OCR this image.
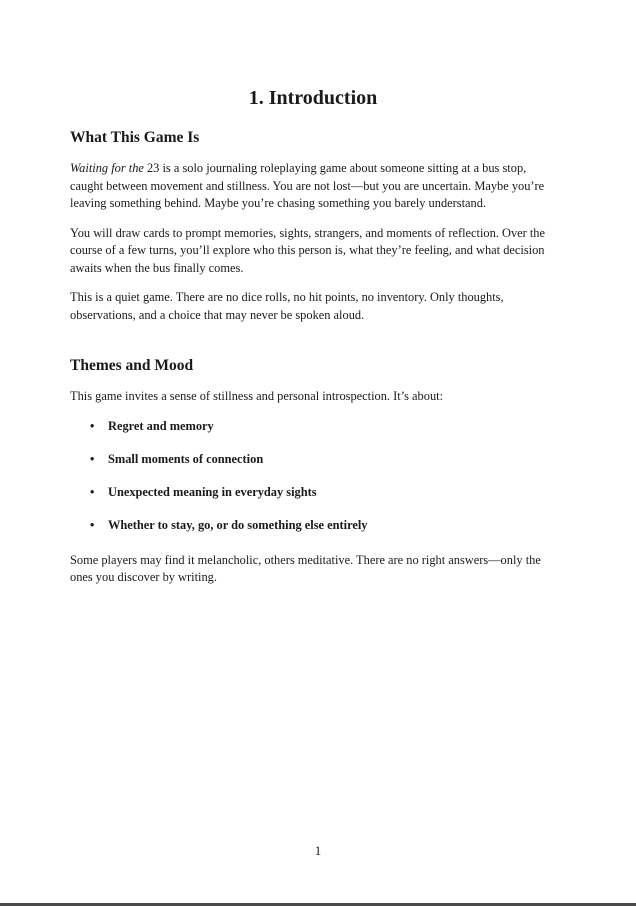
1. Introduction
What This Game Is

Waiting for the 23 is a solo journaling roleplaying game about someone sitting at a bus stop, caught between movement and stillness. You are not lost—but you are uncertain. Maybe you’re leaving something behind. Maybe you’re chasing something you barely understand.

You will draw cards to prompt memories, sights, strangers, and moments of reflection. Over the course of a few turns, you’ll explore who this person is, what they’re feeling, and what decision awaits when the bus finally comes.

This is a quiet game. There are no dice rolls, no hit points, no inventory. Only thoughts, observations, and a choice that may never be spoken aloud.

Themes and Mood

This game invites a sense of stillness and personal introspection. It’s about:

• Regret and memory
• Small moments of connection
• Unexpected meaning in everyday sights
• Whether to stay, go, or do something else entirely

Some players may find it melancholic, others meditative. There are no right answers—only the ones you discover by writing.

1
